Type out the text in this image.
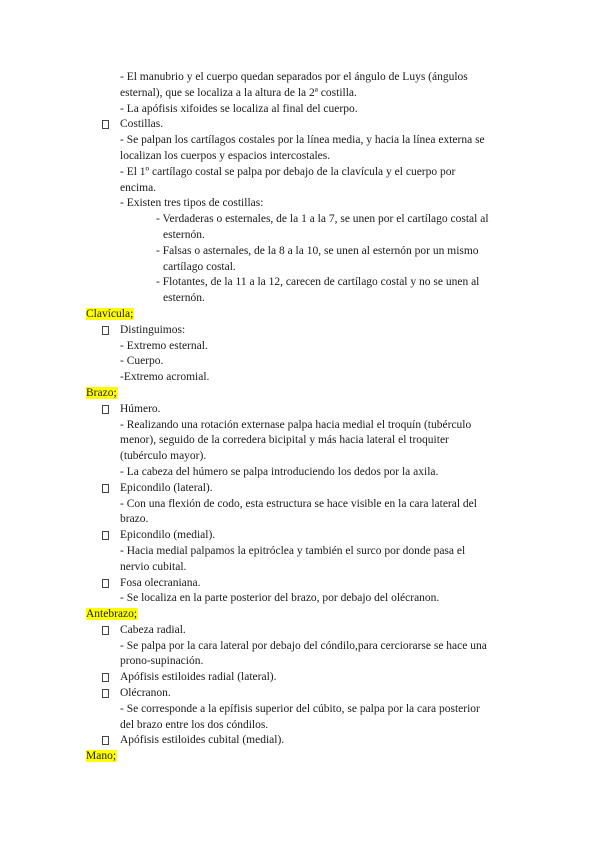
- El manubrio y el cuerpo quedan separados por el ángulo de Luys (ángulos
esternal), que se localiza a la altura de la 2ª costilla.
- La apófisis xifoides se localiza al final del cuerpo.
Costillas.
- Se palpan los cartílagos costales por la línea media, y hacia la línea externa se
localizan los cuerpos y espacios intercostales.
- El 1º cartílago costal se palpa por debajo de la clavícula y el cuerpo por
encima.
- Existen tres tipos de costillas:
- Verdaderas o esternales, de la 1 a la 7, se unen por el cartílago costal al
esternón.
- Falsas o asternales, de la 8 a la 10, se unen al esternón por un mismo
cartílago costal.
- Flotantes, de la 11 a la 12, carecen de cartílago costal y no se unen al
esternón.
Clavícula;
Distinguimos:
- Extremo esternal.
- Cuerpo.
-Extremo acromial.
Brazo;
Húmero.
- Realizando una rotación externase palpa hacia medial el troquín (tubérculo
menor), seguido de la corredera bicipital y más hacia lateral el troquiter
(tubérculo mayor).
- La cabeza del húmero se palpa introduciendo los dedos por la axila.
Epicondilo (lateral).
- Con una flexión de codo, esta estructura se hace visible en la cara lateral del
brazo.
Epicondilo (medial).
- Hacia medial palpamos la epitróclea y también el surco por donde pasa el
nervio cubital.
Fosa olecraniana.
- Se localiza en la parte posterior del brazo, por debajo del olécranon.
Antebrazo;
Cabeza radial.
- Se palpa por la cara lateral por debajo del cóndilo,para cerciorarse se hace una
prono-supinación.
Apófisis estiloides radial (lateral).
Olécranon.
- Se corresponde a la epífisis superior del cúbito, se palpa por la cara posterior
del brazo entre los dos cóndilos.
Apófisis estiloides cubital (medial).
Mano;
